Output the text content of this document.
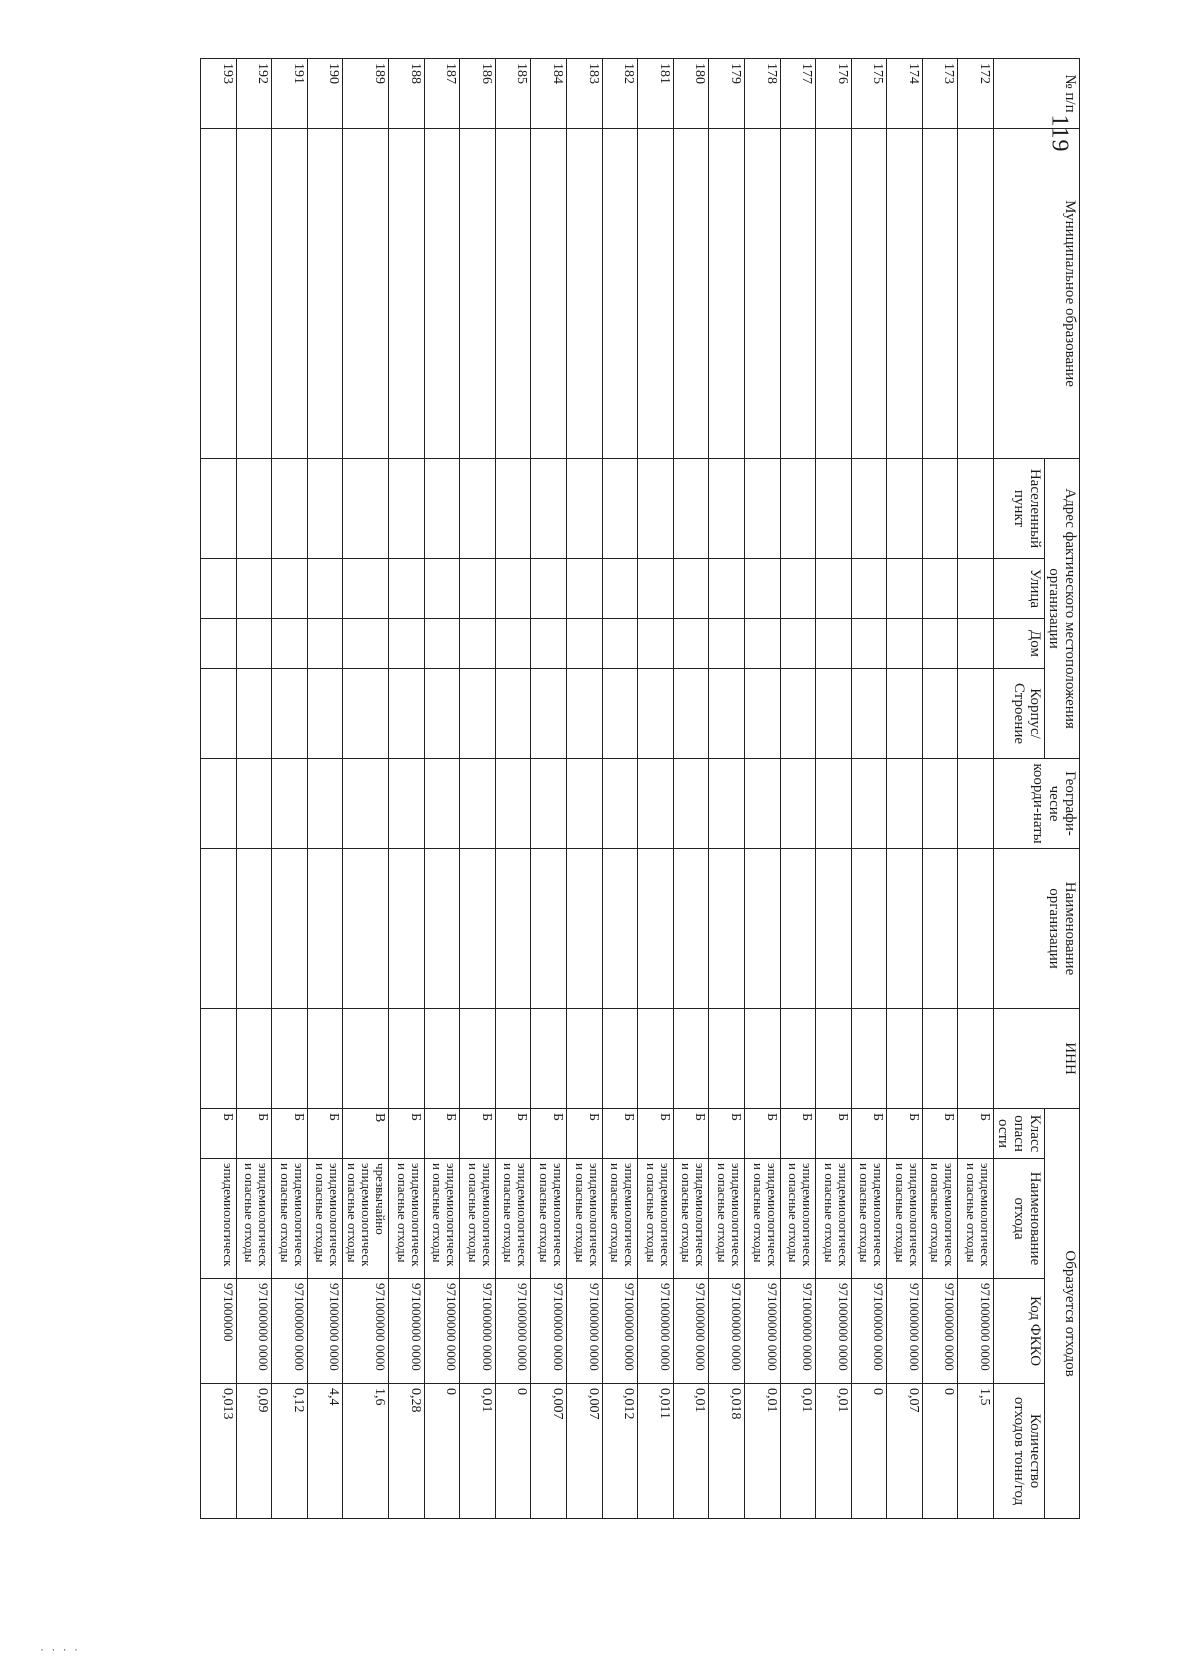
119
№ п/п	Муниципальное образование	Адрес фактического местоположения организации				Географи-чесие коорди-наты	Наименование организации	ИНН	Образуется отходов			
		Населенный пункт	Улица	Дом	Корпус/ Строение				Класс опасн ости	Наименование отхода	Код ФККО	Количество отходов тонн/год
172									Б	эпидемиологическ и опасные отходы	971000000 0000	1,5
173									Б	эпидемиологическ и опасные отходы	971000000 0000	0
174									Б	эпидемиологическ и опасные отходы	971000000 0000	0,07
175									Б	эпидемиологическ и опасные отходы	971000000 0000	0
176									Б	эпидемиологическ и опасные отходы	971000000 0000	0,01
177									Б	эпидемиологическ и опасные отходы	971000000 0000	0,01
178									Б	эпидемиологическ и опасные отходы	971000000 0000	0,01
179									Б	эпидемиологическ и опасные отходы	971000000 0000	0,018
180									Б	эпидемиологическ и опасные отходы	971000000 0000	0,01
181									Б	эпидемиологическ и опасные отходы	971000000 0000	0,011
182									Б	эпидемиологическ и опасные отходы	971000000 0000	0,012
183									Б	эпидемиологическ и опасные отходы	971000000 0000	0,007
184									Б	эпидемиологическ и опасные отходы	971000000 0000	0,007
185									Б	эпидемиологическ и опасные отходы	971000000 0000	0
186									Б	эпидемиологическ и опасные отходы	971000000 0000	0,01
187									Б	эпидемиологическ и опасные отходы	971000000 0000	0
188									Б	эпидемиологическ и опасные отходы	971000000 0000	0,28
189									В	чрезвычайно эпидемиологическ и опасные отходы	971000000 0000	1,6
190									Б	эпидемиологическ и опасные отходы	971000000 0000	4,4
191									Б	эпидемиологическ и опасные отходы	971000000 0000	0,12
192									Б	эпидемиологическ и опасные отходы	971000000 0000	0,09
193									Б	эпидемиологическ	971000000	0,013
· · · ·
